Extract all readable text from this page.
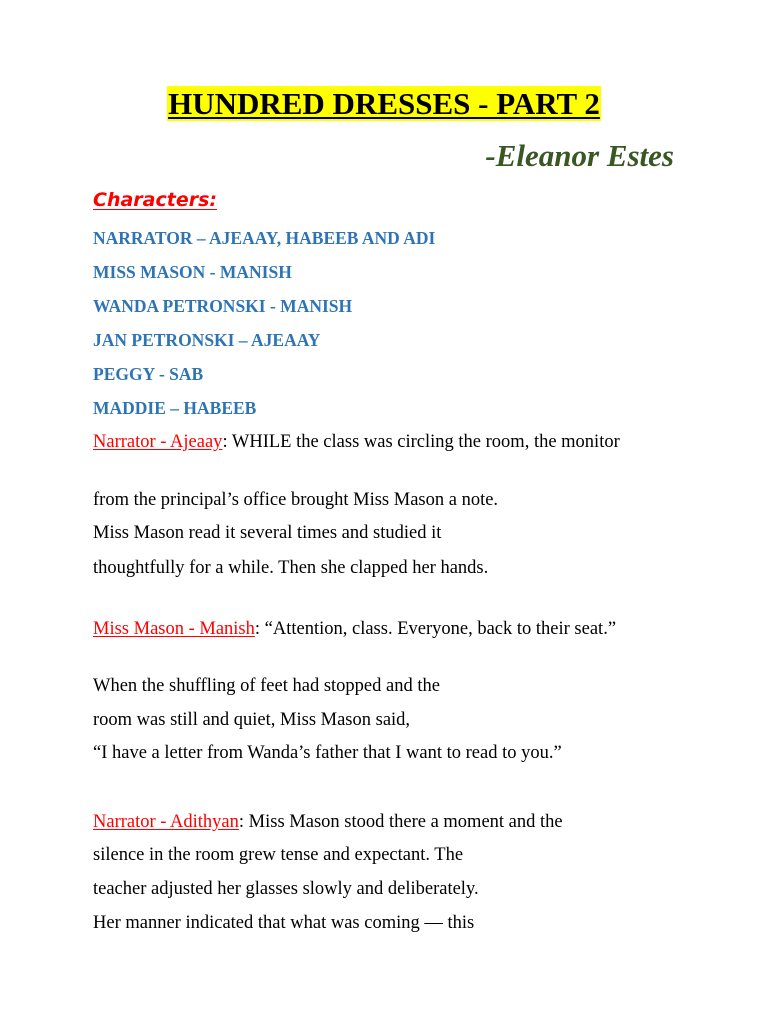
HUNDRED DRESSES - PART 2
-Eleanor Estes
Characters:
NARRATOR – AJEAAY, HABEEB AND ADI
MISS MASON - MANISH
WANDA PETRONSKI - MANISH
JAN PETRONSKI – AJEAAY
PEGGY - SAB
MADDIE – HABEEB
Narrator - Ajeaay: WHILE the class was circling the room, the monitor
from the principal’s office brought Miss Mason a note.
Miss Mason read it several times and studied it
thoughtfully for a while. Then she clapped her hands.
Miss Mason - Manish: “Attention, class. Everyone, back to their seat.”
When the shuffling of feet had stopped and the
room was still and quiet, Miss Mason said,
“I have a letter from Wanda’s father that I want to read to you.”
Narrator - Adithyan: Miss Mason stood there a moment and the
silence in the room grew tense and expectant. The
teacher adjusted her glasses slowly and deliberately.
Her manner indicated that what was coming — this
